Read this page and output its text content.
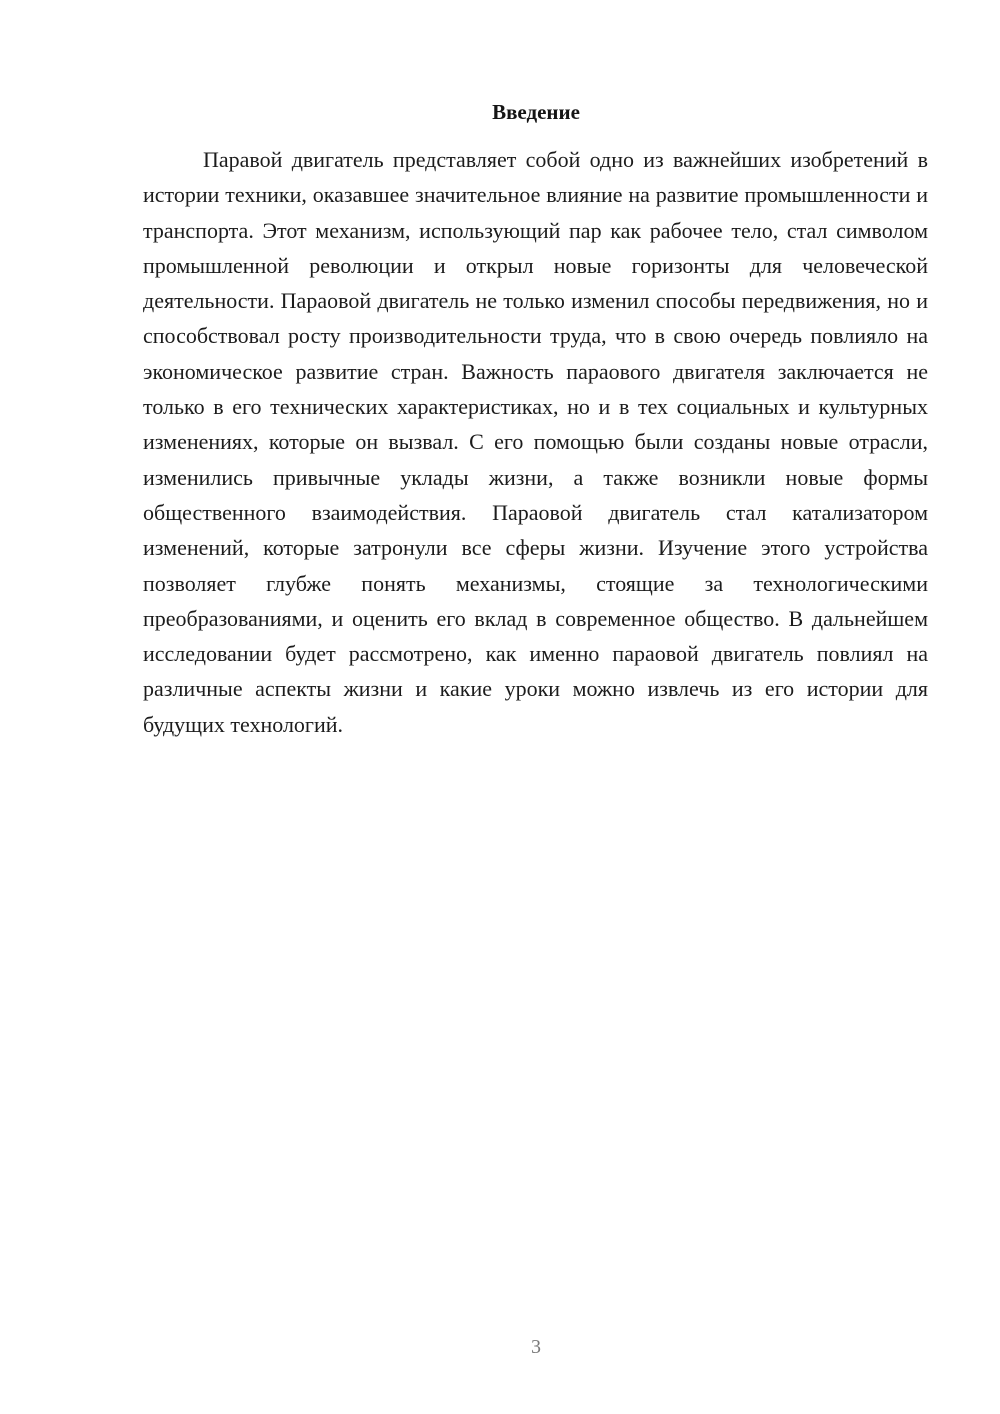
Введение

Паравой двигатель представляет собой одно из важнейших изобретений в истории техники, оказавшее значительное влияние на развитие промышленности и транспорта. Этот механизм, использующий пар как рабочее тело, стал символом промышленной революции и открыл новые горизонты для человеческой деятельности. Параовой двигатель не только изменил способы передвижения, но и способствовал росту производительности труда, что в свою очередь повлияло на экономическое развитие стран. Важность параового двигателя заключается не только в его технических характеристиках, но и в тех социальных и культурных изменениях, которые он вызвал. С его помощью были созданы новые отрасли, изменились привычные уклады жизни, а также возникли новые формы общественного взаимодействия. Параовой двигатель стал катализатором изменений, которые затронули все сферы жизни. Изучение этого устройства позволяет глубже понять механизмы, стоящие за технологическими преобразованиями, и оценить его вклад в современное общество. В дальнейшем исследовании будет рассмотрено, как именно параовой двигатель повлиял на различные аспекты жизни и какие уроки можно извлечь из его истории для будущих технологий.

3
